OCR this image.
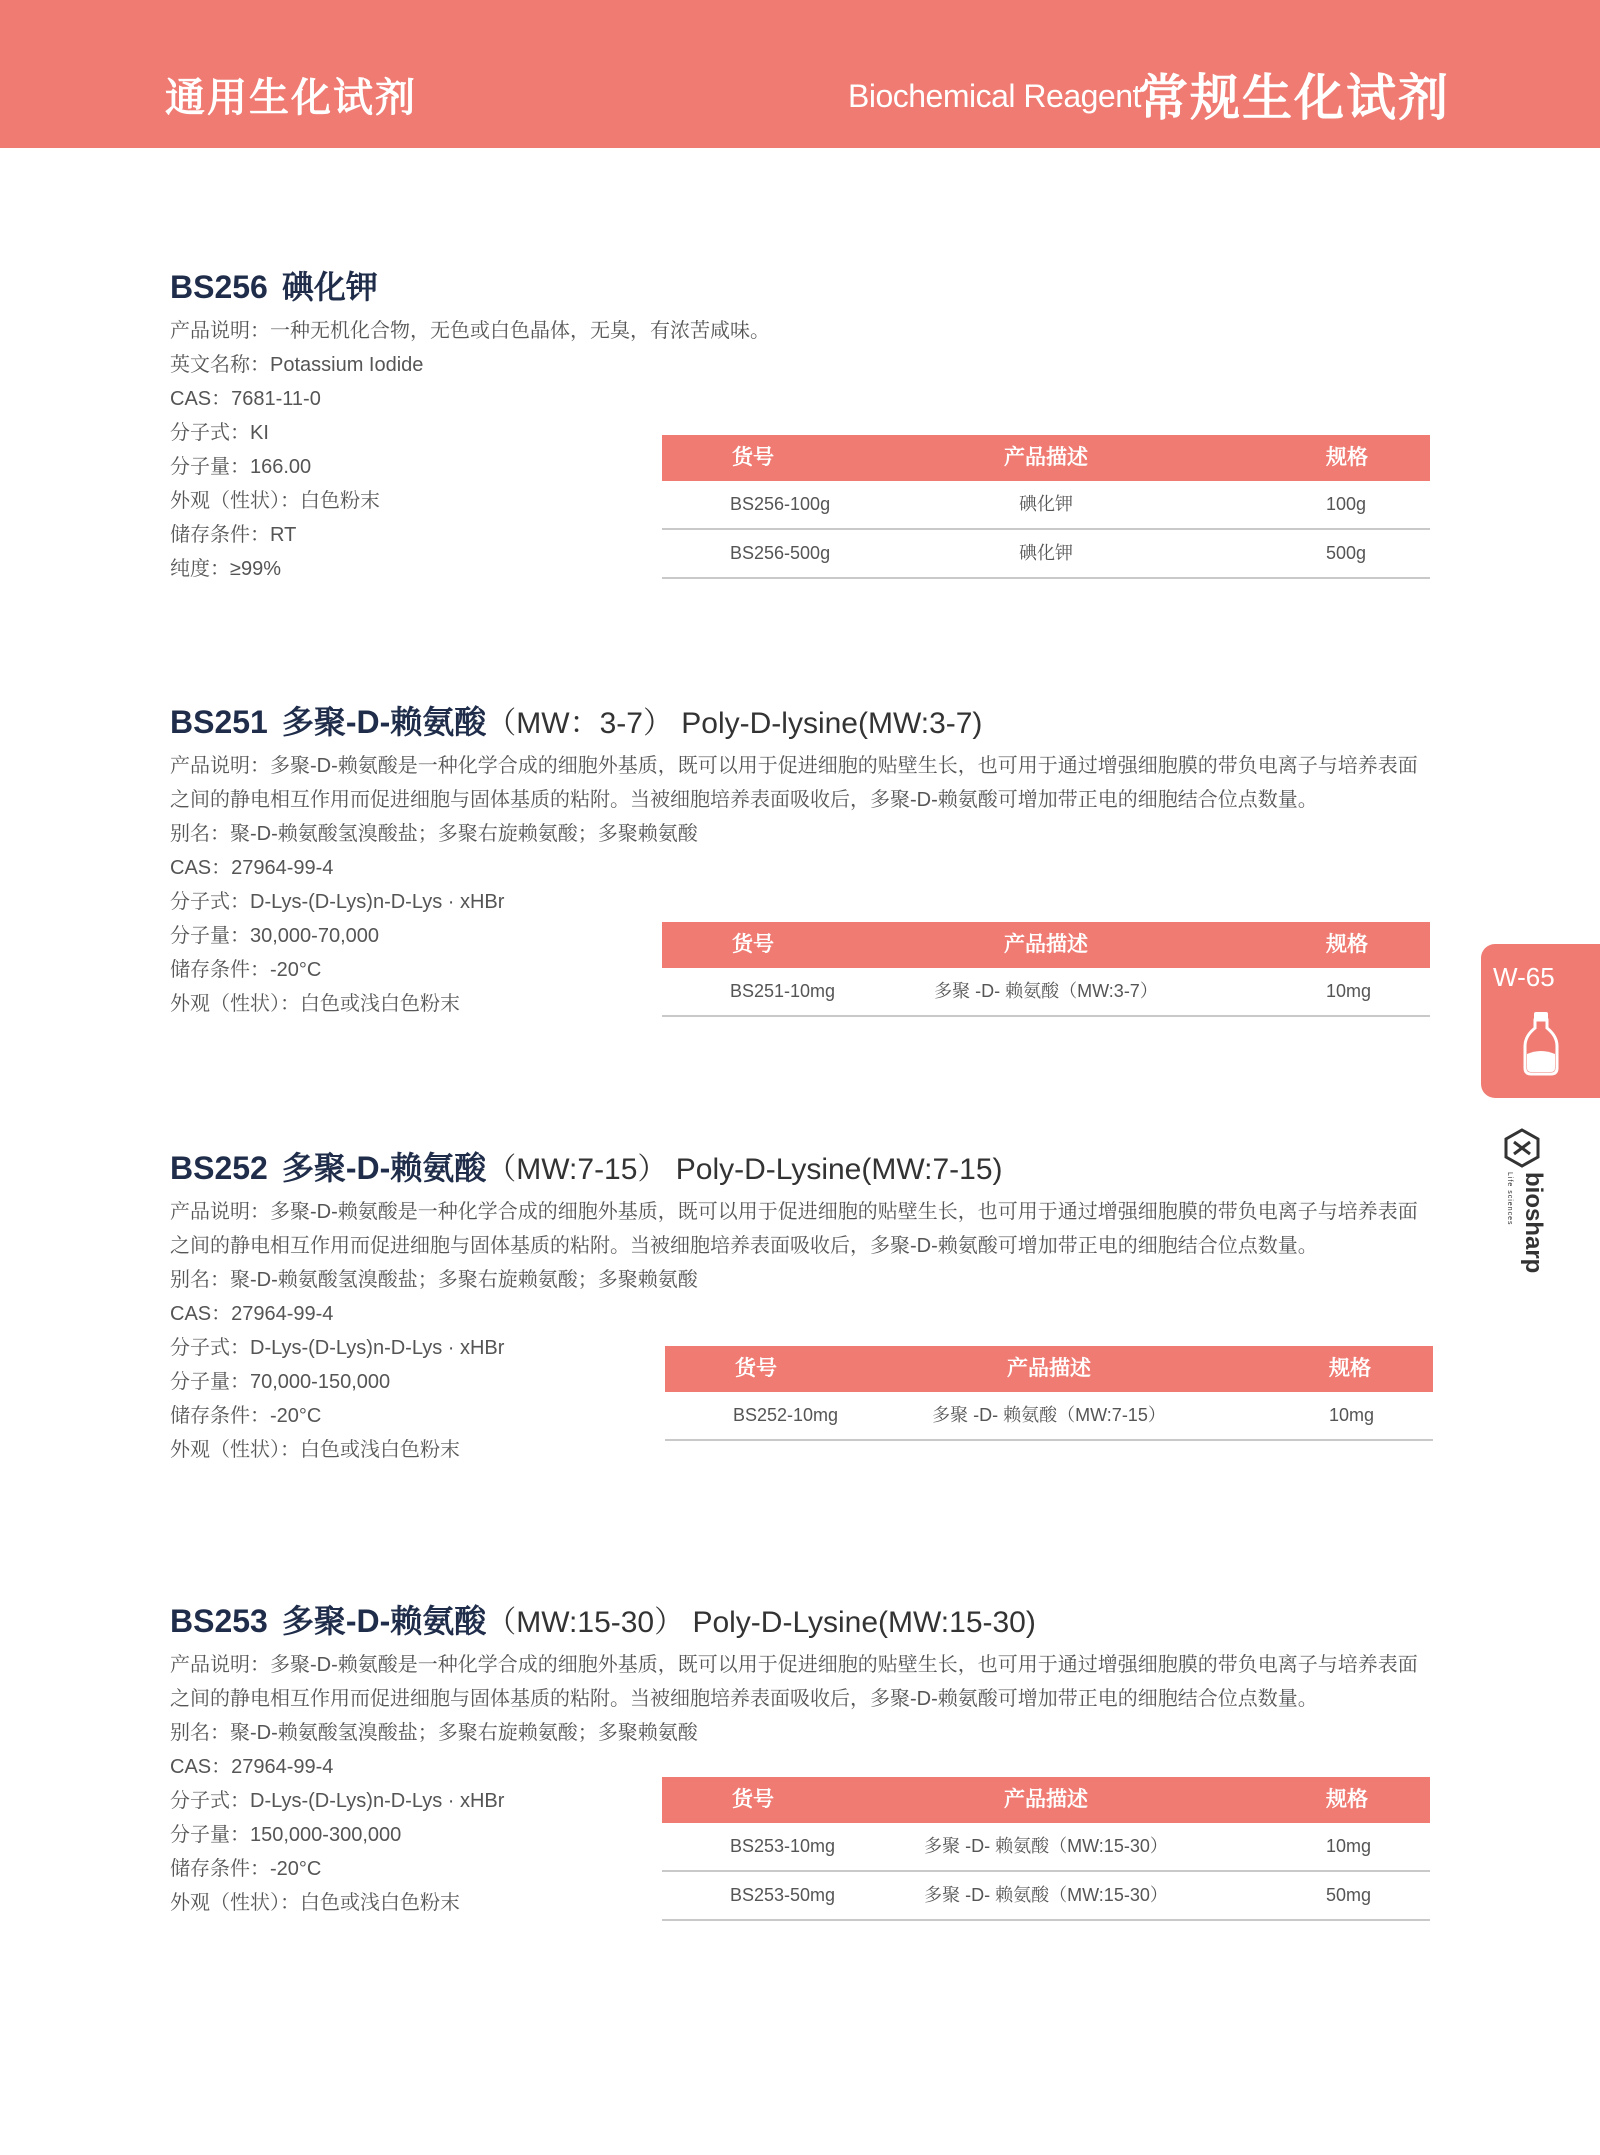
通用生化试剂	Biochemical Reagent
常规生化试剂
BS256 碘化钾
产品说明：一种无机化合物，无色或白色晶体，无臭，有浓苦咸味。
英文名称：Potassium Iodide
CAS：7681-11-0
分子式：KI
分子量：166.00
外观（性状）：白色粉末
储存条件：RT
纯度：≥99%
货号	产品描述	规格
BS256-100g	碘化钾	100g
BS256-500g	碘化钾	500g
BS251 多聚-D-赖氨酸（MW：3-7） Poly-D-lysine(MW:3-7)
产品说明：多聚-D-赖氨酸是一种化学合成的细胞外基质，既可以用于促进细胞的贴壁生长，也可用于通过增强细胞膜的带负电离子与培养表面之间的静电相互作用而促进细胞与固体基质的粘附。当被细胞培养表面吸收后，多聚-D-赖氨酸可增加带正电的细胞结合位点数量。
别名：聚-D-赖氨酸氢溴酸盐；多聚右旋赖氨酸；多聚赖氨酸
CAS：27964-99-4
分子式：D-Lys-(D-Lys)n-D-Lys · xHBr
分子量：30,000-70,000
储存条件：-20°C
外观（性状）：白色或浅白色粉末
货号	产品描述	规格
BS251-10mg	多聚 -D- 赖氨酸（MW:3-7）	10mg
BS252 多聚-D-赖氨酸（MW:7-15） Poly-D-Lysine(MW:7-15)
产品说明：多聚-D-赖氨酸是一种化学合成的细胞外基质，既可以用于促进细胞的贴壁生长，也可用于通过增强细胞膜的带负电离子与培养表面之间的静电相互作用而促进细胞与固体基质的粘附。当被细胞培养表面吸收后，多聚-D-赖氨酸可增加带正电的细胞结合位点数量。
别名：聚-D-赖氨酸氢溴酸盐；多聚右旋赖氨酸；多聚赖氨酸
CAS：27964-99-4
分子式：D-Lys-(D-Lys)n-D-Lys · xHBr
分子量：70,000-150,000
储存条件：-20°C
外观（性状）：白色或浅白色粉末
货号	产品描述	规格
BS252-10mg	多聚 -D- 赖氨酸（MW:7-15）	10mg
BS253 多聚-D-赖氨酸（MW:15-30） Poly-D-Lysine(MW:15-30)
产品说明：多聚-D-赖氨酸是一种化学合成的细胞外基质，既可以用于促进细胞的贴壁生长，也可用于通过增强细胞膜的带负电离子与培养表面之间的静电相互作用而促进细胞与固体基质的粘附。当被细胞培养表面吸收后，多聚-D-赖氨酸可增加带正电的细胞结合位点数量。
别名：聚-D-赖氨酸氢溴酸盐；多聚右旋赖氨酸；多聚赖氨酸
CAS：27964-99-4
分子式：D-Lys-(D-Lys)n-D-Lys · xHBr
分子量：150,000-300,000
储存条件：-20°C
外观（性状）：白色或浅白色粉末
货号	产品描述	规格
BS253-10mg	多聚 -D- 赖氨酸（MW:15-30）	10mg
BS253-50mg	多聚 -D- 赖氨酸（MW:15-30）	50mg
W-65
biosharp
Life sciences
